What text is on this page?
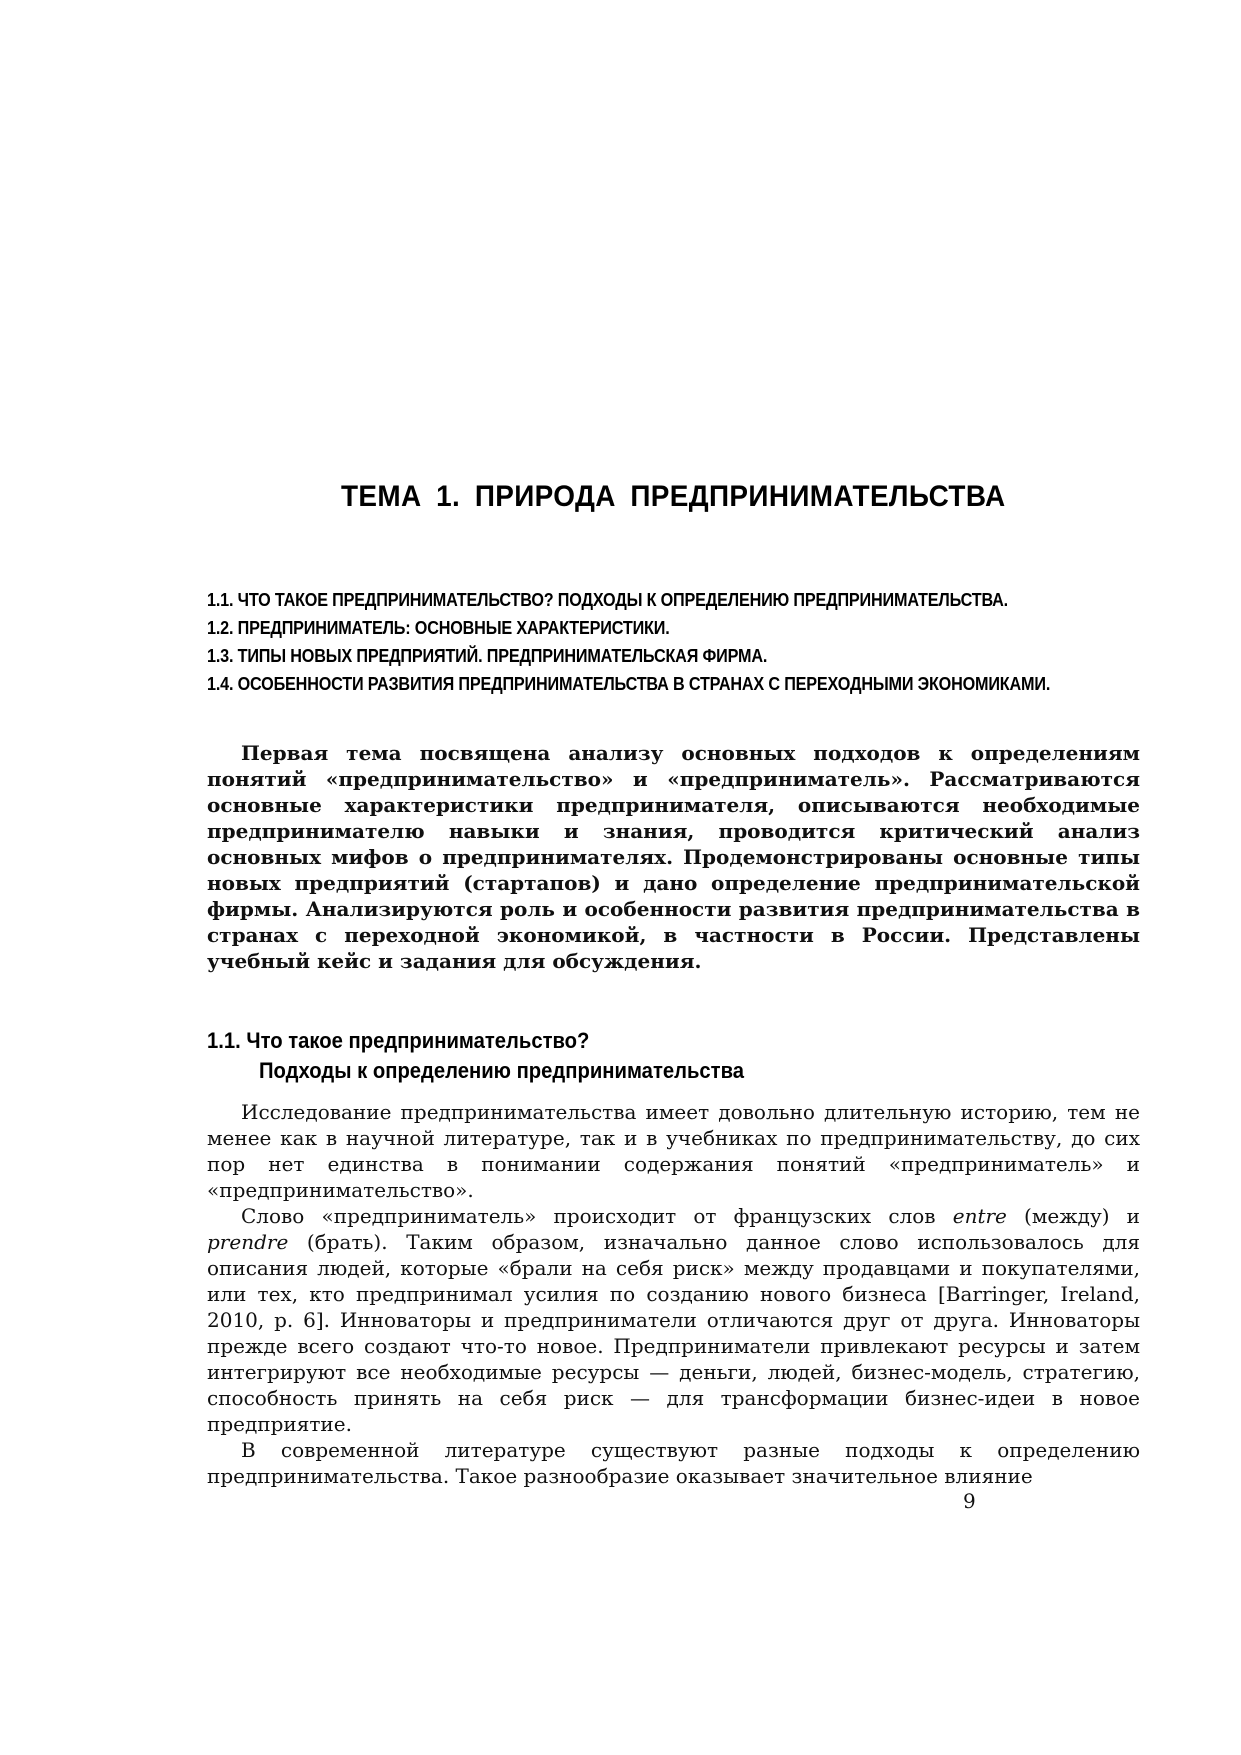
ТЕМА 1. ПРИРОДА ПРЕДПРИНИМАТЕЛЬСТВА
1.1. ЧТО ТАКОЕ ПРЕДПРИНИМАТЕЛЬСТВО? ПОДХОДЫ К ОПРЕДЕЛЕНИЮ ПРЕДПРИНИМАТЕЛЬСТВА.
1.2. ПРЕДПРИНИМАТЕЛЬ: ОСНОВНЫЕ ХАРАКТЕРИСТИКИ.
1.3. ТИПЫ НОВЫХ ПРЕДПРИЯТИЙ. ПРЕДПРИНИМАТЕЛЬСКАЯ ФИРМА.
1.4. ОСОБЕННОСТИ РАЗВИТИЯ ПРЕДПРИНИМАТЕЛЬСТВА В СТРАНАХ С ПЕРЕХОДНЫМИ ЭКОНОМИКАМИ.

Первая тема посвящена анализу основных подходов к определениям понятий «предпринимательство» и «предприниматель». Рассматриваются основные характеристики предпринимателя, описываются необходимые предпринимателю навыки и знания, проводится критический анализ основных мифов о предпринимателях. Продемонстрированы основные типы новых предприятий (стартапов) и дано определение предпринимательской фирмы. Анализируются роль и особенности развития предпринимательства в странах с переходной экономикой, в частности в России. Представлены учебный кейс и задания для обсуждения.

1.1. Что такое предпринимательство?
Подходы к определению предпринимательства

Исследование предпринимательства имеет довольно длительную историю, тем не менее как в научной литературе, так и в учебниках по предпринимательству, до сих пор нет единства в понимании содержания понятий «предприниматель» и «предпринимательство».

Слово «предприниматель» происходит от французских слов entre (между) и prendre (брать). Таким образом, изначально данное слово использовалось для описания людей, которые «брали на себя риск» между продавцами и покупателями, или тех, кто предпринимал усилия по созданию нового бизнеса [Barringer, Ireland, 2010, p. 6]. Инноваторы и предприниматели отличаются друг от друга. Инноваторы прежде всего создают что-то новое. Предприниматели привлекают ресурсы и затем интегрируют все необходимые ресурсы — деньги, людей, бизнес-модель, стратегию, способность принять на себя риск — для трансформации бизнес-идеи в новое предприятие.

В современной литературе существуют разные подходы к определению предпринимательства. Такое разнообразие оказывает значительное влияние

9
